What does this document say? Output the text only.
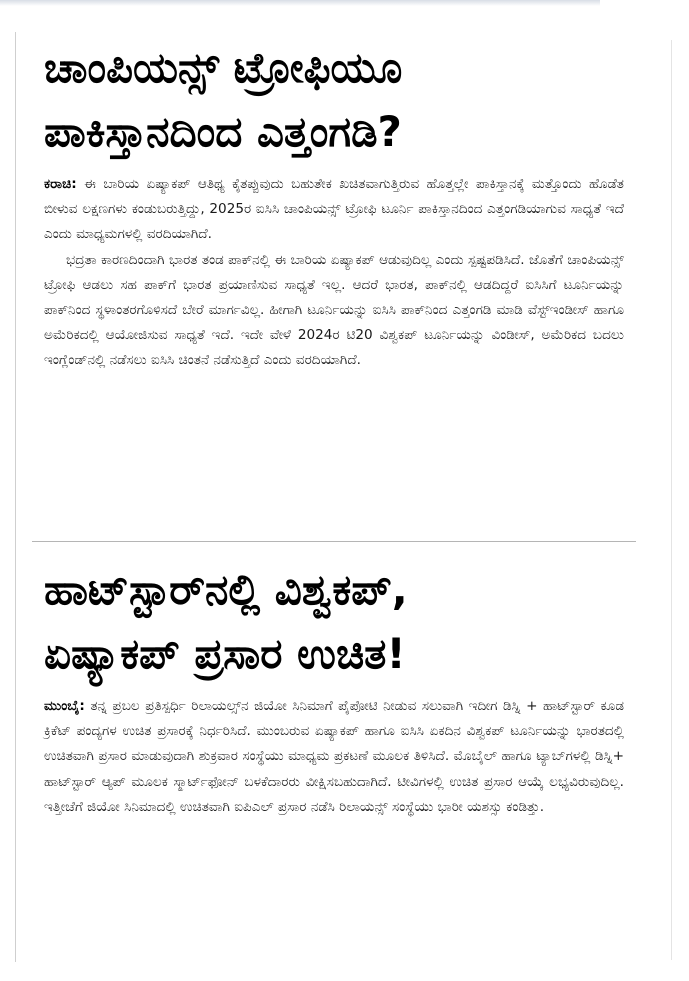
ಚಾಂಪಿಯನ್ಸ್ ಟ್ರೋಫಿಯೂ
ಪಾಕಿಸ್ತಾನದಿಂದ ಎತ್ತಂಗಡಿ?

ಕರಾಚಿ: ಈ ಬಾರಿಯ ಏಷ್ಯಾಕಪ್ ಆತಿಥ್ಯ ಕೈತಪ್ಪುವುದು ಬಹುತೇಕ ಖಚಿತವಾಗುತ್ತಿರುವ ಹೊತ್ತಲ್ಲೇ ಪಾಕಿಸ್ತಾನಕ್ಕೆ ಮತ್ತೊಂದು ಹೊಡೆತ ಬೀಳುವ ಲಕ್ಷಣಗಳು ಕಂಡುಬರುತ್ತಿದ್ದು, 2025ರ ಐಸಿಸಿ ಚಾಂಪಿಯನ್ಸ್ ಟ್ರೋಫಿ ಟೂರ್ನಿ ಪಾಕಿಸ್ತಾನದಿಂದ ಎತ್ತಂಗಡಿಯಾಗುವ ಸಾಧ್ಯತೆ ಇದೆ ಎಂದು ಮಾಧ್ಯಮಗಳಲ್ಲಿ ವರದಿಯಾಗಿದೆ.

ಭದ್ರತಾ ಕಾರಣದಿಂದಾಗಿ ಭಾರತ ತಂಡ ಪಾಕ್‌ನಲ್ಲಿ ಈ ಬಾರಿಯ ಏಷ್ಯಾಕಪ್ ಆಡುವುದಿಲ್ಲ ಎಂದು ಸ್ಪಷ್ಟಪಡಿಸಿದೆ. ಜೊತೆಗೆ ಚಾಂಪಿಯನ್ಸ್ ಟ್ರೋಫಿ ಆಡಲು ಸಹ ಪಾಕ್‌ಗೆ ಭಾರತ ಪ್ರಯಾಣಿಸುವ ಸಾಧ್ಯತೆ ಇಲ್ಲ. ಆದರೆ ಭಾರತ, ಪಾಕ್‌ನಲ್ಲಿ ಆಡದಿದ್ದರೆ ಐಸಿಸಿಗೆ ಟೂರ್ನಿಯನ್ನು ಪಾಕ್‌ನಿಂದ ಸ್ಥಳಾಂತರಗೊಳಿಸದೆ ಬೇರೆ ಮಾರ್ಗವಿಲ್ಲ. ಹೀಗಾಗಿ ಟೂರ್ನಿಯನ್ನು ಐಸಿಸಿ ಪಾಕ್‌ನಿಂದ ಎತ್ತಂಗಡಿ ಮಾಡಿ ವೆಸ್ಟ್‌ಇಂಡೀಸ್ ಹಾಗೂ ಅಮೆರಿಕದಲ್ಲಿ ಆಯೋಜಿಸುವ ಸಾಧ್ಯತೆ ಇದೆ. ಇದೇ ವೇಳೆ 2024ರ ಟಿ20 ವಿಶ್ವಕಪ್ ಟೂರ್ನಿಯನ್ನು ವಿಂಡೀಸ್, ಅಮೆರಿಕದ ಬದಲು ಇಂಗ್ಲೆಂಡ್‌ನಲ್ಲಿ ನಡೆಸಲು ಐಸಿಸಿ ಚಿಂತನೆ ನಡೆಸುತ್ತಿದೆ ಎಂದು ವರದಿಯಾಗಿದೆ.

ಹಾಟ್‌ಸ್ಟಾರ್‌ನಲ್ಲಿ ವಿಶ್ವಕಪ್,
ಏಷ್ಯಾಕಪ್ ಪ್ರಸಾರ ಉಚಿತ!

ಮುಂಬೈ: ತನ್ನ ಪ್ರಬಲ ಪ್ರತಿಸ್ಪರ್ಧಿ ರಿಲಾಯಲ್ಸ್‌ನ ಜಿಯೋ ಸಿನಿಮಾಗೆ ಪೈಪೋಟಿ ನೀಡುವ ಸಲುವಾಗಿ ಇದೀಗ ಡಿಸ್ನಿ + ಹಾಟ್‌ಸ್ಟಾರ್ ಕೂಡ ಕ್ರಿಕೆಟ್ ಪಂದ್ಯಗಳ ಉಚಿತ ಪ್ರಸಾರಕ್ಕೆ ನಿರ್ಧರಿಸಿದೆ. ಮುಂಬರುವ ಏಷ್ಯಾಕಪ್ ಹಾಗೂ ಐಸಿಸಿ ಏಕದಿನ ವಿಶ್ವಕಪ್ ಟೂರ್ನಿಯನ್ನು ಭಾರತದಲ್ಲಿ ಉಚಿತವಾಗಿ ಪ್ರಸಾರ ಮಾಡುವುದಾಗಿ ಶುಕ್ರವಾರ ಸಂಸ್ಥೆಯು ಮಾಧ್ಯಮ ಪ್ರಕಟಣೆ ಮೂಲಕ ತಿಳಿಸಿದೆ. ಮೊಬೈಲ್ ಹಾಗೂ ಟ್ಯಾಬ್‌ಗಳಲ್ಲಿ ಡಿಸ್ನಿ+ ಹಾಟ್‌ಸ್ಟಾರ್ ಆ್ಯಪ್ ಮೂಲಕ ಸ್ಮಾರ್ಟ್‌ಫೋನ್ ಬಳಕೆದಾರರು ವೀಕ್ಷಿಸಬಹುದಾಗಿದೆ. ಟೀವಿಗಳಲ್ಲಿ ಉಚಿತ ಪ್ರಸಾರ ಆಯ್ಕೆ ಲಭ್ಯವಿರುವುದಿಲ್ಲ. ಇತ್ತೀಚೆಗೆ ಜಿಯೋ ಸಿನಿಮಾದಲ್ಲಿ ಉಚಿತವಾಗಿ ಐಪಿಎಲ್ ಪ್ರಸಾರ ನಡೆಸಿ ರಿಲಾಯನ್ಸ್ ಸಂಸ್ಥೆಯು ಭಾರೀ ಯಶಸ್ಸು ಕಂಡಿತ್ತು.
